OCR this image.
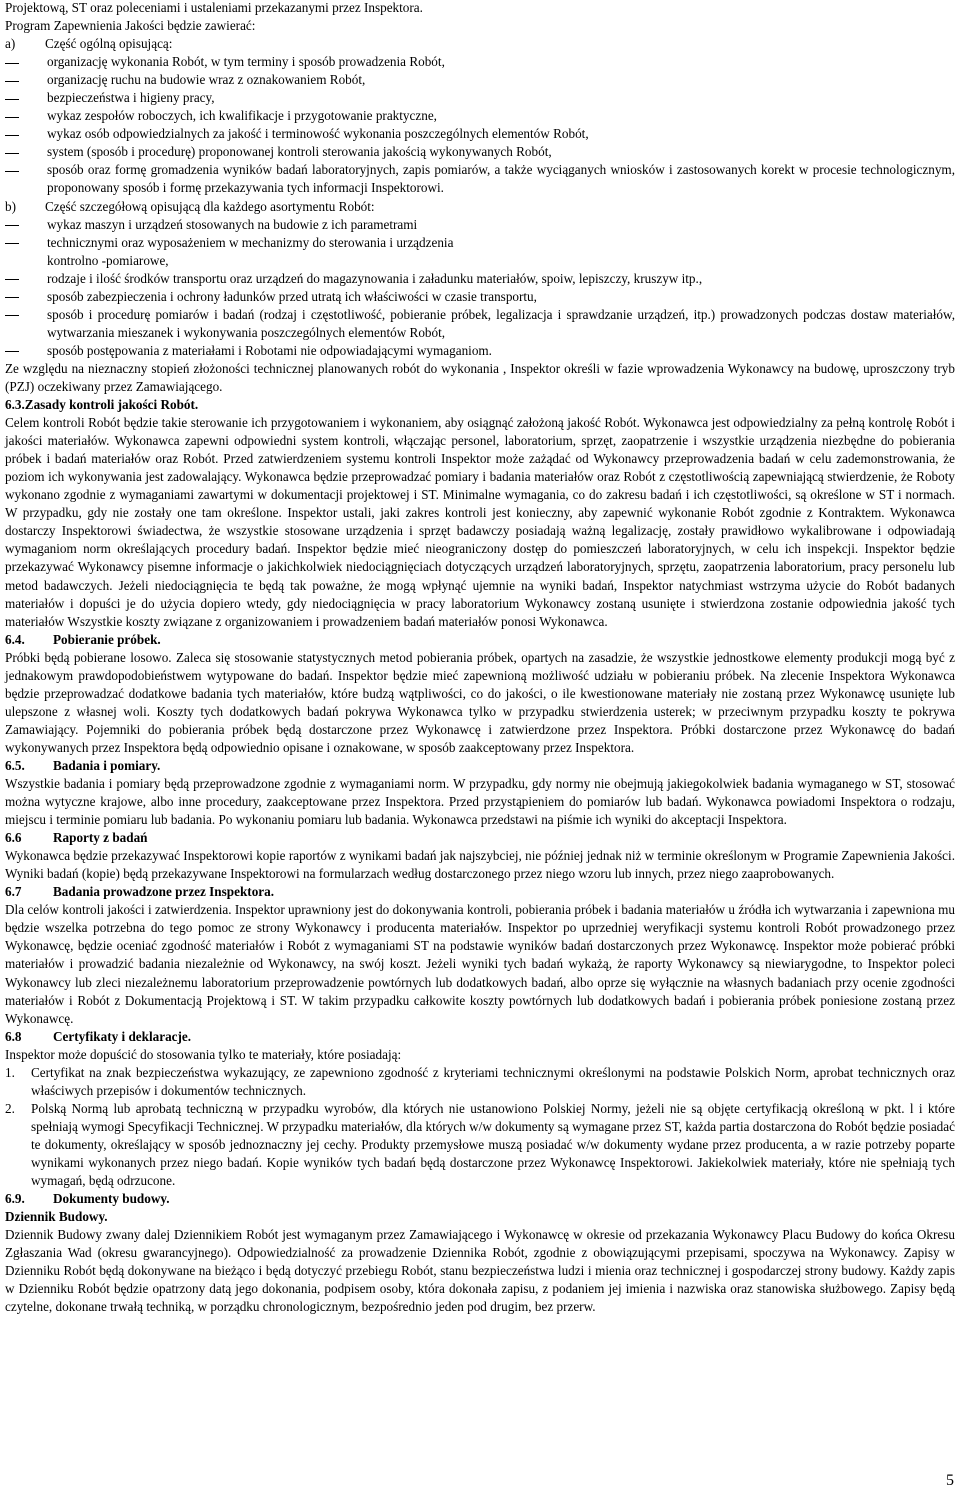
Projektową, ST oraz poleceniami i ustaleniami przekazanymi przez Inspektora.

Program Zapewnienia Jakości będzie zawierać:

a)	Część ogólną opisującą:
organizację wykonania Robót, w tym terminy i sposób prowadzenia Robót,
organizację ruchu na budowie wraz z oznakowaniem Robót,
bezpieczeństwa i higieny pracy,
wykaz zespołów roboczych, ich kwalifikacje i przygotowanie praktyczne,
wykaz osób odpowiedzialnych za jakość i terminowość wykonania poszczególnych elementów Robót,
system (sposób i procedurę) proponowanej kontroli sterowania jakością wykonywanych Robót,
sposób oraz formę gromadzenia wyników badań laboratoryjnych, zapis pomiarów, a także wyciąganych wniosków i zastosowanych korekt w procesie technologicznym, proponowany sposób i formę przekazywania tych informacji Inspektorowi.
b)	Część szczegółową opisującą dla każdego asortymentu Robót:
wykaz maszyn i urządzeń stosowanych na budowie z ich parametrami
technicznymi oraz wyposażeniem w mechanizmy do sterowania i urządzenia

kontrolno -pomiarowe,

rodzaje i ilość środków transportu oraz urządzeń do magazynowania i załadunku materiałów, spoiw, lepiszczy, kruszyw itp.,
sposób zabezpieczenia i ochrony ładunków przed utratą ich właściwości w czasie transportu,
sposób i procedurę pomiarów i badań (rodzaj i częstotliwość, pobieranie próbek, legalizacja i sprawdzanie urządzeń, itp.) prowadzonych podczas dostaw materiałów, wytwarzania mieszanek i wykonywania poszczególnych elementów Robót,
sposób postępowania z materiałami i Robotami nie odpowiadającymi wymaganiom.

Ze względu na nieznaczny stopień złożoności technicznej planowanych robót do wykonania , Inspektor określi w fazie wprowadzenia Wykonawcy na budowę, uproszczony tryb (PZJ) oczekiwany przez Zamawiającego.

6.3.Zasady kontroli jakości Robót.

Celem kontroli Robót będzie takie sterowanie ich przygotowaniem i wykonaniem, aby osiągnąć założoną jakość Robót. Wykonawca jest odpowiedzialny za pełną kontrolę Robót i jakości materiałów. Wykonawca zapewni odpowiedni system kontroli, włączając personel, laboratorium, sprzęt, zaopatrzenie i wszystkie urządzenia niezbędne do pobierania próbek i badań materiałów oraz Robót. Przed zatwierdzeniem systemu kontroli Inspektor może zażądać od Wykonawcy przeprowadzenia badań w celu zademonstrowania, że poziom ich wykonywania jest zadowalający. Wykonawca będzie przeprowadzać pomiary i badania materiałów oraz Robót z częstotliwością zapewniającą stwierdzenie, że Roboty wykonano zgodnie z wymaganiami zawartymi w dokumentacji projektowej i ST. Minimalne wymagania, co do zakresu badań i ich częstotliwości, są określone w ST i normach. W przypadku, gdy nie zostały one tam określone. Inspektor ustali, jaki zakres kontroli jest konieczny, aby zapewnić wykonanie Robót zgodnie z Kontraktem. Wykonawca dostarczy Inspektorowi świadectwa, że wszystkie stosowane urządzenia i sprzęt badawczy posiadają ważną legalizację, zostały prawidłowo wykalibrowane i odpowiadają wymaganiom norm określających procedury badań. Inspektor będzie mieć nieograniczony dostęp do pomieszczeń laboratoryjnych, w celu ich inspekcji. Inspektor będzie przekazywać Wykonawcy pisemne informacje o jakichkolwiek niedociągnięciach dotyczących urządzeń laboratoryjnych, sprzętu, zaopatrzenia laboratorium, pracy personelu lub metod badawczych. Jeżeli niedociągnięcia te będą tak poważne, że mogą wpłynąć ujemnie na wyniki badań, Inspektor natychmiast wstrzyma użycie do Robót badanych materiałów i dopuści je do użycia dopiero wtedy, gdy niedociągnięcia w pracy laboratorium Wykonawcy zostaną usunięte i stwierdzona zostanie odpowiednia jakość tych materiałów Wszystkie koszty związane z organizowaniem i prowadzeniem badań materiałów ponosi Wykonawca.

6.4. Pobieranie próbek.

Próbki będą pobierane losowo. Zaleca się stosowanie statystycznych metod pobierania próbek, opartych na zasadzie, że wszystkie jednostkowe elementy produkcji mogą być z jednakowym prawdopodobieństwem wytypowane do badań. Inspektor będzie mieć zapewnioną możliwość udziału w pobieraniu próbek. Na zlecenie Inspektora Wykonawca będzie przeprowadzać dodatkowe badania tych materiałów, które budzą wątpliwości, co do jakości, o ile kwestionowane materiały nie zostaną przez Wykonawcę usunięte lub ulepszone z własnej woli. Koszty tych dodatkowych badań pokrywa Wykonawca tylko w przypadku stwierdzenia usterek; w przeciwnym przypadku koszty te pokrywa Zamawiający. Pojemniki do pobierania próbek będą dostarczone przez Wykonawcę i zatwierdzone przez Inspektora. Próbki dostarczone przez Wykonawcę do badań wykonywanych przez Inspektora będą odpowiednio opisane i oznakowane, w sposób zaakceptowany przez Inspektora.

6.5. Badania i pomiary.

Wszystkie badania i pomiary będą przeprowadzone zgodnie z wymaganiami norm. W przypadku, gdy normy nie obejmują jakiegokolwiek badania wymaganego w ST, stosować można wytyczne krajowe, albo inne procedury, zaakceptowane przez Inspektora. Przed przystąpieniem do pomiarów lub badań. Wykonawca powiadomi Inspektora o rodzaju, miejscu i terminie pomiaru lub badania. Po wykonaniu pomiaru lub badania. Wykonawca przedstawi na piśmie ich wyniki do akceptacji Inspektora.

6.6 Raporty z badań

Wykonawca będzie przekazywać Inspektorowi kopie raportów z wynikami badań jak najszybciej, nie później jednak niż w terminie określonym w Programie Zapewnienia Jakości. Wyniki badań (kopie) będą przekazywane Inspektorowi na formularzach według dostarczonego przez niego wzoru lub innych, przez niego zaaprobowanych.

6.7 Badania prowadzone przez Inspektora.

Dla celów kontroli jakości i zatwierdzenia. Inspektor uprawniony jest do dokonywania kontroli, pobierania próbek i badania materiałów u źródła ich wytwarzania i zapewniona mu będzie wszelka potrzebna do tego pomoc ze strony Wykonawcy i producenta materiałów. Inspektor po uprzedniej weryfikacji systemu kontroli Robót prowadzonego przez Wykonawcę, będzie oceniać zgodność materiałów i Robót z wymaganiami ST na podstawie wyników badań dostarczonych przez Wykonawcę. Inspektor może pobierać próbki materiałów i prowadzić badania niezależnie od Wykonawcy, na swój koszt. Jeżeli wyniki tych badań wykażą, że raporty Wykonawcy są niewiarygodne, to Inspektor poleci Wykonawcy lub zleci niezależnemu laboratorium przeprowadzenie powtórnych lub dodatkowych badań, albo oprze się wyłącznie na własnych badaniach przy ocenie zgodności materiałów i Robót z Dokumentacją Projektową i ST. W takim przypadku całkowite koszty powtórnych lub dodatkowych badań i pobierania próbek poniesione zostaną przez Wykonawcę.

6.8 Certyfikaty i deklaracje.

Inspektor może dopuścić do stosowania tylko te materiały, które posiadają:

1.	Certyfikat na znak bezpieczeństwa wykazujący, ze zapewniono zgodność z kryteriami technicznymi określonymi na podstawie Polskich Norm, aprobat technicznych oraz właściwych przepisów i dokumentów technicznych.
2.	Polską Normą lub aprobatą techniczną w przypadku wyrobów, dla których nie ustanowiono Polskiej Normy, jeżeli nie są objęte certyfikacją określoną w pkt. l i które spełniają wymogi Specyfikacji Technicznej. W przypadku materiałów, dla których w/w dokumenty są wymagane przez ST, każda partia dostarczona do Robót będzie posiadać te dokumenty, określający w sposób jednoznaczny jej cechy. Produkty przemysłowe muszą posiadać w/w dokumenty wydane przez producenta, a w razie potrzeby poparte wynikami wykonanych przez niego badań. Kopie wyników tych badań będą dostarczone przez Wykonawcę Inspektorowi. Jakiekolwiek materiały, które nie spełniają tych wymagań, będą odrzucone.

6.9. Dokumenty budowy.

Dziennik Budowy.

Dziennik Budowy zwany dalej Dziennikiem Robót jest wymaganym przez Zamawiającego i Wykonawcę w okresie od przekazania Wykonawcy Placu Budowy do końca Okresu Zgłaszania Wad (okresu gwarancyjnego). Odpowiedzialność za prowadzenie Dziennika Robót, zgodnie z obowiązującymi przepisami, spoczywa na Wykonawcy. Zapisy w Dzienniku Robót będą dokonywane na bieżąco i będą dotyczyć przebiegu Robót, stanu bezpieczeństwa ludzi i mienia oraz technicznej i gospodarczej strony budowy. Każdy zapis w Dzienniku Robót będzie opatrzony datą jego dokonania, podpisem osoby, która dokonała zapisu, z podaniem jej imienia i nazwiska oraz stanowiska służbowego. Zapisy będą czytelne, dokonane trwałą techniką, w porządku chronologicznym, bezpośrednio jeden pod drugim, bez przerw.

5
